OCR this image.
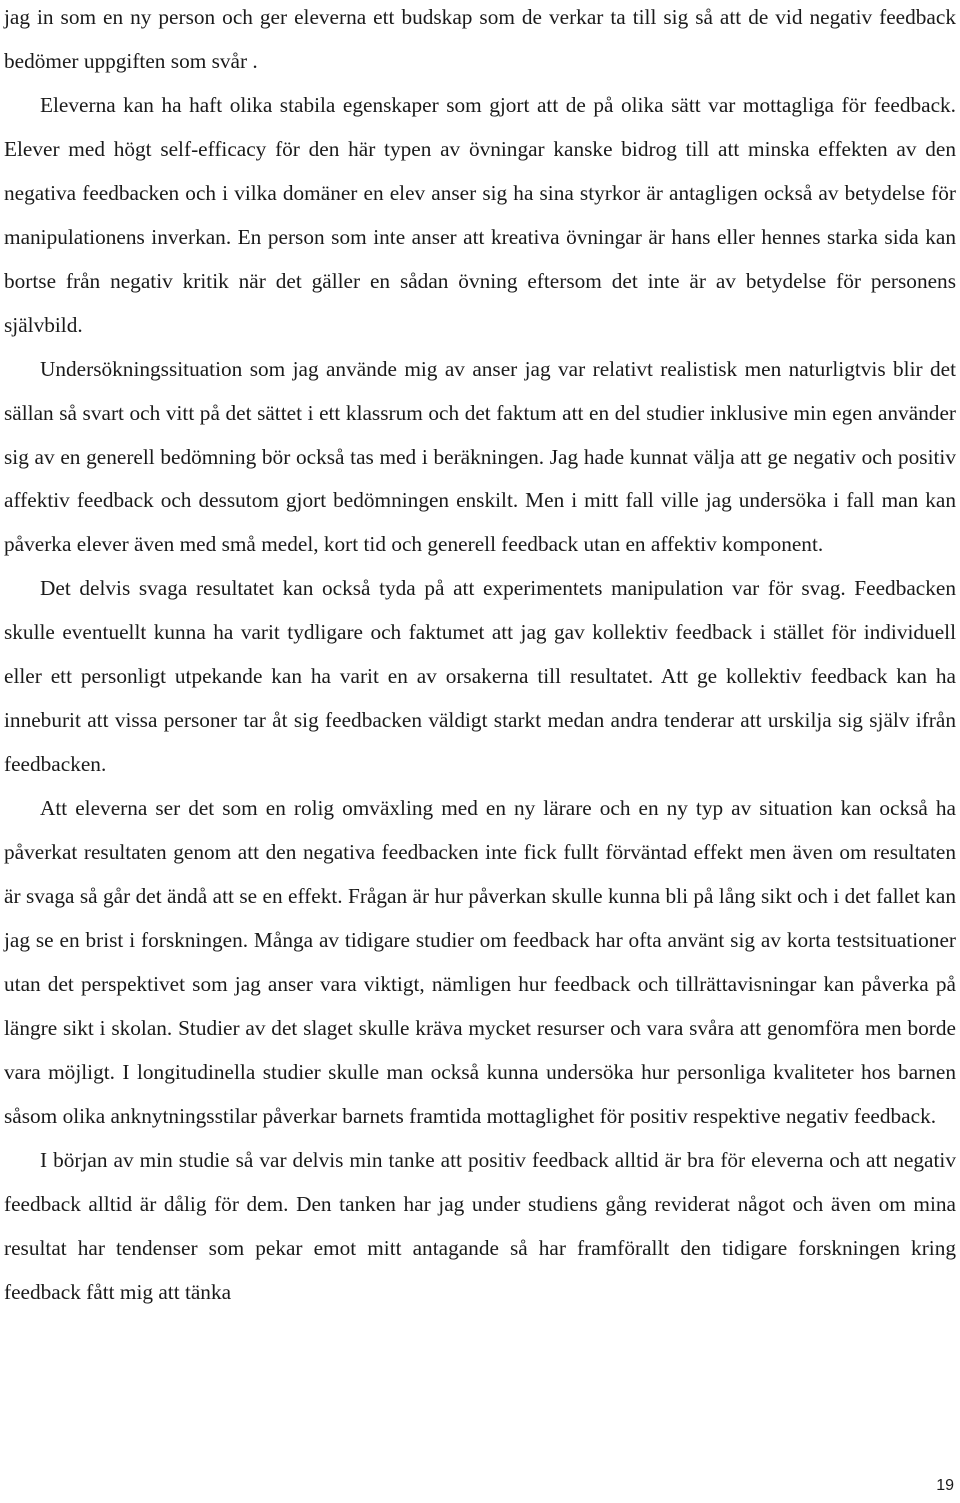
jag in som en ny person och ger eleverna ett budskap som de verkar ta till sig så att de vid negativ feedback bedömer uppgiften som svår .

Eleverna kan ha haft olika stabila egenskaper som gjort att de på olika sätt var mottagliga för feedback. Elever med högt self-efficacy för den här typen av övningar kanske bidrog till att minska effekten av den negativa feedbacken och i vilka domäner en elev anser sig ha sina styrkor är antagligen också av betydelse för manipulationens inverkan. En person som inte anser att kreativa övningar är hans eller hennes starka sida kan bortse från negativ kritik när det gäller en sådan övning eftersom det inte är av betydelse för personens självbild.

Undersökningssituation som jag använde mig av anser jag var relativt realistisk men naturligtvis blir det sällan så svart och vitt på det sättet i ett klassrum och det faktum att en del studier inklusive min egen använder sig av en generell bedömning bör också tas med i beräkningen. Jag hade kunnat välja att ge negativ och positiv affektiv feedback och dessutom gjort bedömningen enskilt. Men i mitt fall ville jag undersöka i fall man kan påverka elever även med små medel, kort tid och generell feedback utan en affektiv komponent.

Det delvis svaga resultatet kan också tyda på att experimentets manipulation var för svag. Feedbacken skulle eventuellt kunna ha varit tydligare och faktumet att jag gav kollektiv feedback i stället för individuell eller ett personligt utpekande kan ha varit en av orsakerna till resultatet. Att ge kollektiv feedback kan ha inneburit att vissa personer tar åt sig feedbacken väldigt starkt medan andra tenderar att urskilja sig själv ifrån feedbacken.

Att eleverna ser det som en rolig omväxling med en ny lärare och en ny typ av situation kan också ha påverkat resultaten genom att den negativa feedbacken inte fick fullt förväntad effekt men även om resultaten är svaga så går det ändå att se en effekt. Frågan är hur påverkan skulle kunna bli på lång sikt och i det fallet kan jag se en brist i forskningen. Många av tidigare studier om feedback har ofta använt sig av korta testsituationer utan det perspektivet som jag anser vara viktigt, nämligen hur feedback och tillrättavisningar kan påverka på längre sikt i skolan. Studier av det slaget skulle kräva mycket resurser och vara svåra att genomföra men borde vara möjligt. I longitudinella studier skulle man också kunna undersöka hur personliga kvaliteter hos barnen såsom olika anknytningsstilar påverkar barnets framtida mottaglighet för positiv respektive negativ feedback.

I början av min studie så var delvis min tanke att positiv feedback alltid är bra för eleverna och att negativ feedback alltid är dålig för dem. Den tanken har jag under studiens gång reviderat något och även om mina resultat har tendenser som pekar emot mitt antagande så har framförallt den tidigare forskningen kring feedback fått mig att tänka

19
